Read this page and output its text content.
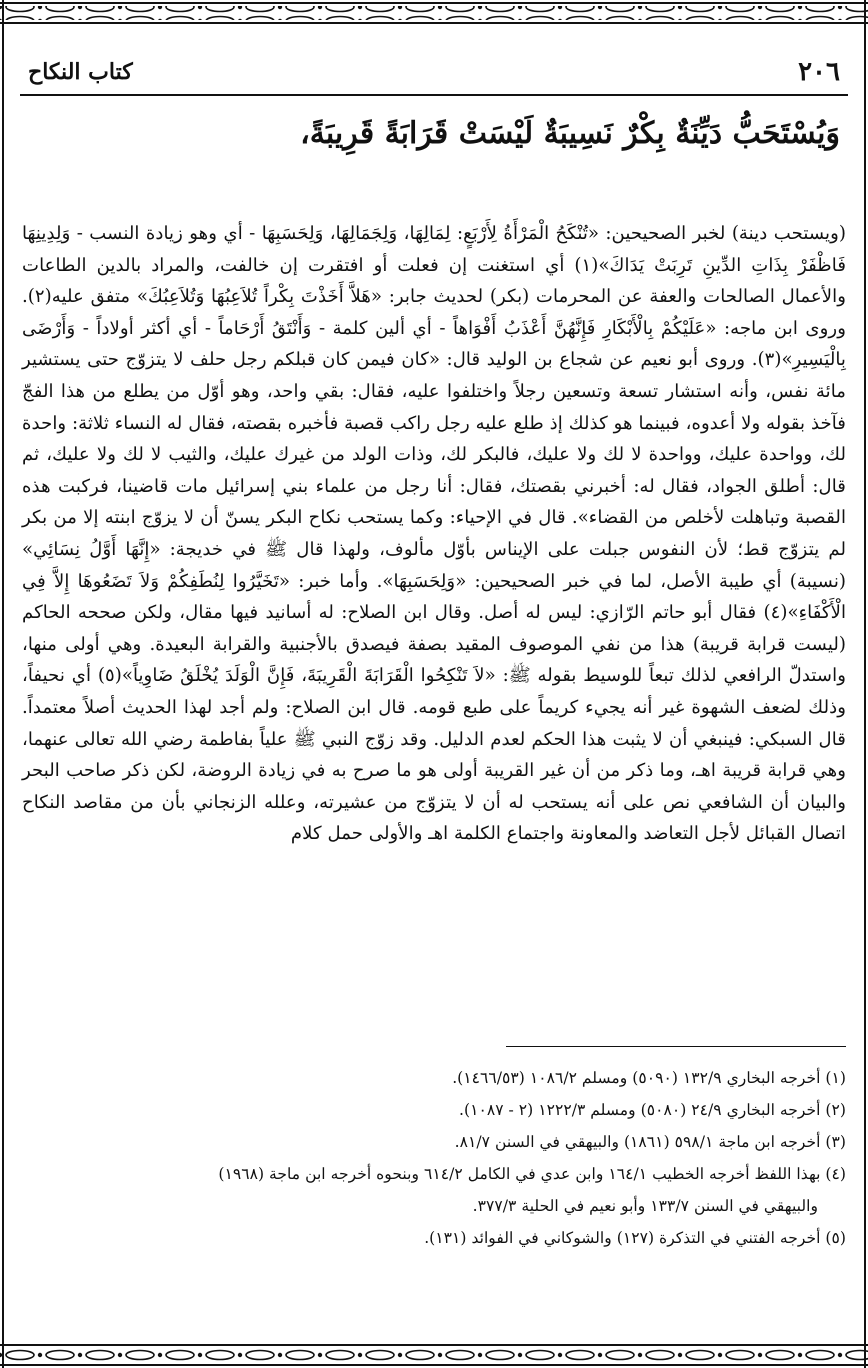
٢٠٦
كتاب النكاح
وَيُسْتَحَبُّ دَيِّنَةٌ بِكْرٌ نَسِيبَةٌ لَيْسَتْ قَرَابَةً قَرِيبَةً،

(ويستحب دينة) لخبر الصحيحين: «تُنْكَحُ الْمَرْأَةُ لِأَرْبَعٍ: لِمَالِهَا، وَلِجَمَالِهَا، وَلِحَسَبِهَا - أي وهو زيادة النسب - وَلِدِينِهَا فَاظْفَرْ بِذَاتِ الدِّينِ تَرِبَتْ يَدَاكَ»(١) أي استغنت إن فعلت أو افتقرت إن خالفت، والمراد بالدين الطاعات والأعمال الصالحات والعفة عن المحرمات (بكر) لحديث جابر: «هَلاَّ أَخَذْتَ بِكْراً تُلاَعِبُهَا وَتُلاَعِبُكَ» متفق عليه(٢). وروى ابن ماجه: «عَلَيْكُمْ بِالْأَبْكَارِ فَإِنَّهُنَّ أَعْذَبُ أَفْوَاهاً - أي ألين كلمة - وَأَنْتَقُ أَرْحَاماً - أي أكثر أولاداً - وَأَرْضَى بِالْيَسِيرِ»(٣). وروى أبو نعيم عن شجاع بن الوليد قال: «كان فيمن كان قبلكم رجل حلف لا يتزوّج حتى يستشير مائة نفس، وأنه استشار تسعة وتسعين رجلاً واختلفوا عليه، فقال: بقي واحد، وهو أوّل من يطلع من هذا الفجّ فآخذ بقوله ولا أعدوه، فبينما هو كذلك إذ طلع عليه رجل راكب قصبة فأخبره بقصته، فقال له النساء ثلاثة: واحدة لك، وواحدة عليك، وواحدة لا لك ولا عليك، فالبكر لك، وذات الولد من غيرك عليك، والثيب لا لك ولا عليك، ثم قال: أطلق الجواد، فقال له: أخبرني بقصتك، فقال: أنا رجل من علماء بني إسرائيل مات قاضينا، فركبت هذه القصبة وتباهلت لأخلص من القضاء». قال في الإحياء: وكما يستحب نكاح البكر يسنّ أن لا يزوّج ابنته إلا من بكر لم يتزوّج قط؛ لأن النفوس جبلت على الإيناس بأوّل مألوف، ولهذا قال ﷺ في خديجة: «إِنَّهَا أَوَّلُ نِسَائِي» (نسيبة) أي طيبة الأصل، لما في خبر الصحيحين: «وَلِحَسَبِهَا». وأما خبر: «تَخَيَّرُوا لِنُطَفِكُمْ وَلاَ تَضَعُوهَا إِلاَّ فِي الْأَكْفَاءِ»(٤) فقال أبو حاتم الرّازي: ليس له أصل. وقال ابن الصلاح: له أسانيد فيها مقال، ولكن صححه الحاكم (ليست قرابة قريبة) هذا من نفي الموصوف المقيد بصفة فيصدق بالأجنبية والقرابة البعيدة. وهي أولى منها، واستدلّ الرافعي لذلك تبعاً للوسيط بقوله ﷺ: «لاَ تَنْكِحُوا الْقَرَابَةَ الْقَرِيبَةَ، فَإِنَّ الْوَلَدَ يُخْلَقُ ضَاوِياً»(٥) أي نحيفاً، وذلك لضعف الشهوة غير أنه يجيء كريماً على طبع قومه. قال ابن الصلاح: ولم أجد لهذا الحديث أصلاً معتمداً. قال السبكي: فينبغي أن لا يثبت هذا الحكم لعدم الدليل. وقد زوّج النبي ﷺ علياً بفاطمة رضي الله تعالى عنهما، وهي قرابة قريبة اهـ، وما ذكر من أن غير القريبة أولى هو ما صرح به في زيادة الروضة، لكن ذكر صاحب البحر والبيان أن الشافعي نص على أنه يستحب له أن لا يتزوّج من عشيرته، وعلله الزنجاني بأن من مقاصد النكاح اتصال القبائل لأجل التعاضد والمعاونة واجتماع الكلمة اهـ والأولى حمل كلام

(١) أخرجه البخاري ١٣٢/٩ (٥٠٩٠) ومسلم ١٠٨٦/٢ (١٤٦٦/٥٣).

(٢) أخرجه البخاري ٢٤/٩ (٥٠٨٠) ومسلم ١٢٢٢/٣ (٢ - ١٠٨٧).

(٣) أخرجه ابن ماجة ٥٩٨/١ (١٨٦١) والبيهقي في السنن ٨١/٧.

(٤) بهذا اللفظ أخرجه الخطيب ١٦٤/١ وابن عدي في الكامل ٦١٤/٢ وبنحوه أخرجه ابن ماجة (١٩٦٨)

والبيهقي في السنن ١٣٣/٧ وأبو نعيم في الحلية ٣٧٧/٣.

(٥) أخرجه الفتني في التذكرة (١٢٧) والشوكاني في الفوائد (١٣١).
